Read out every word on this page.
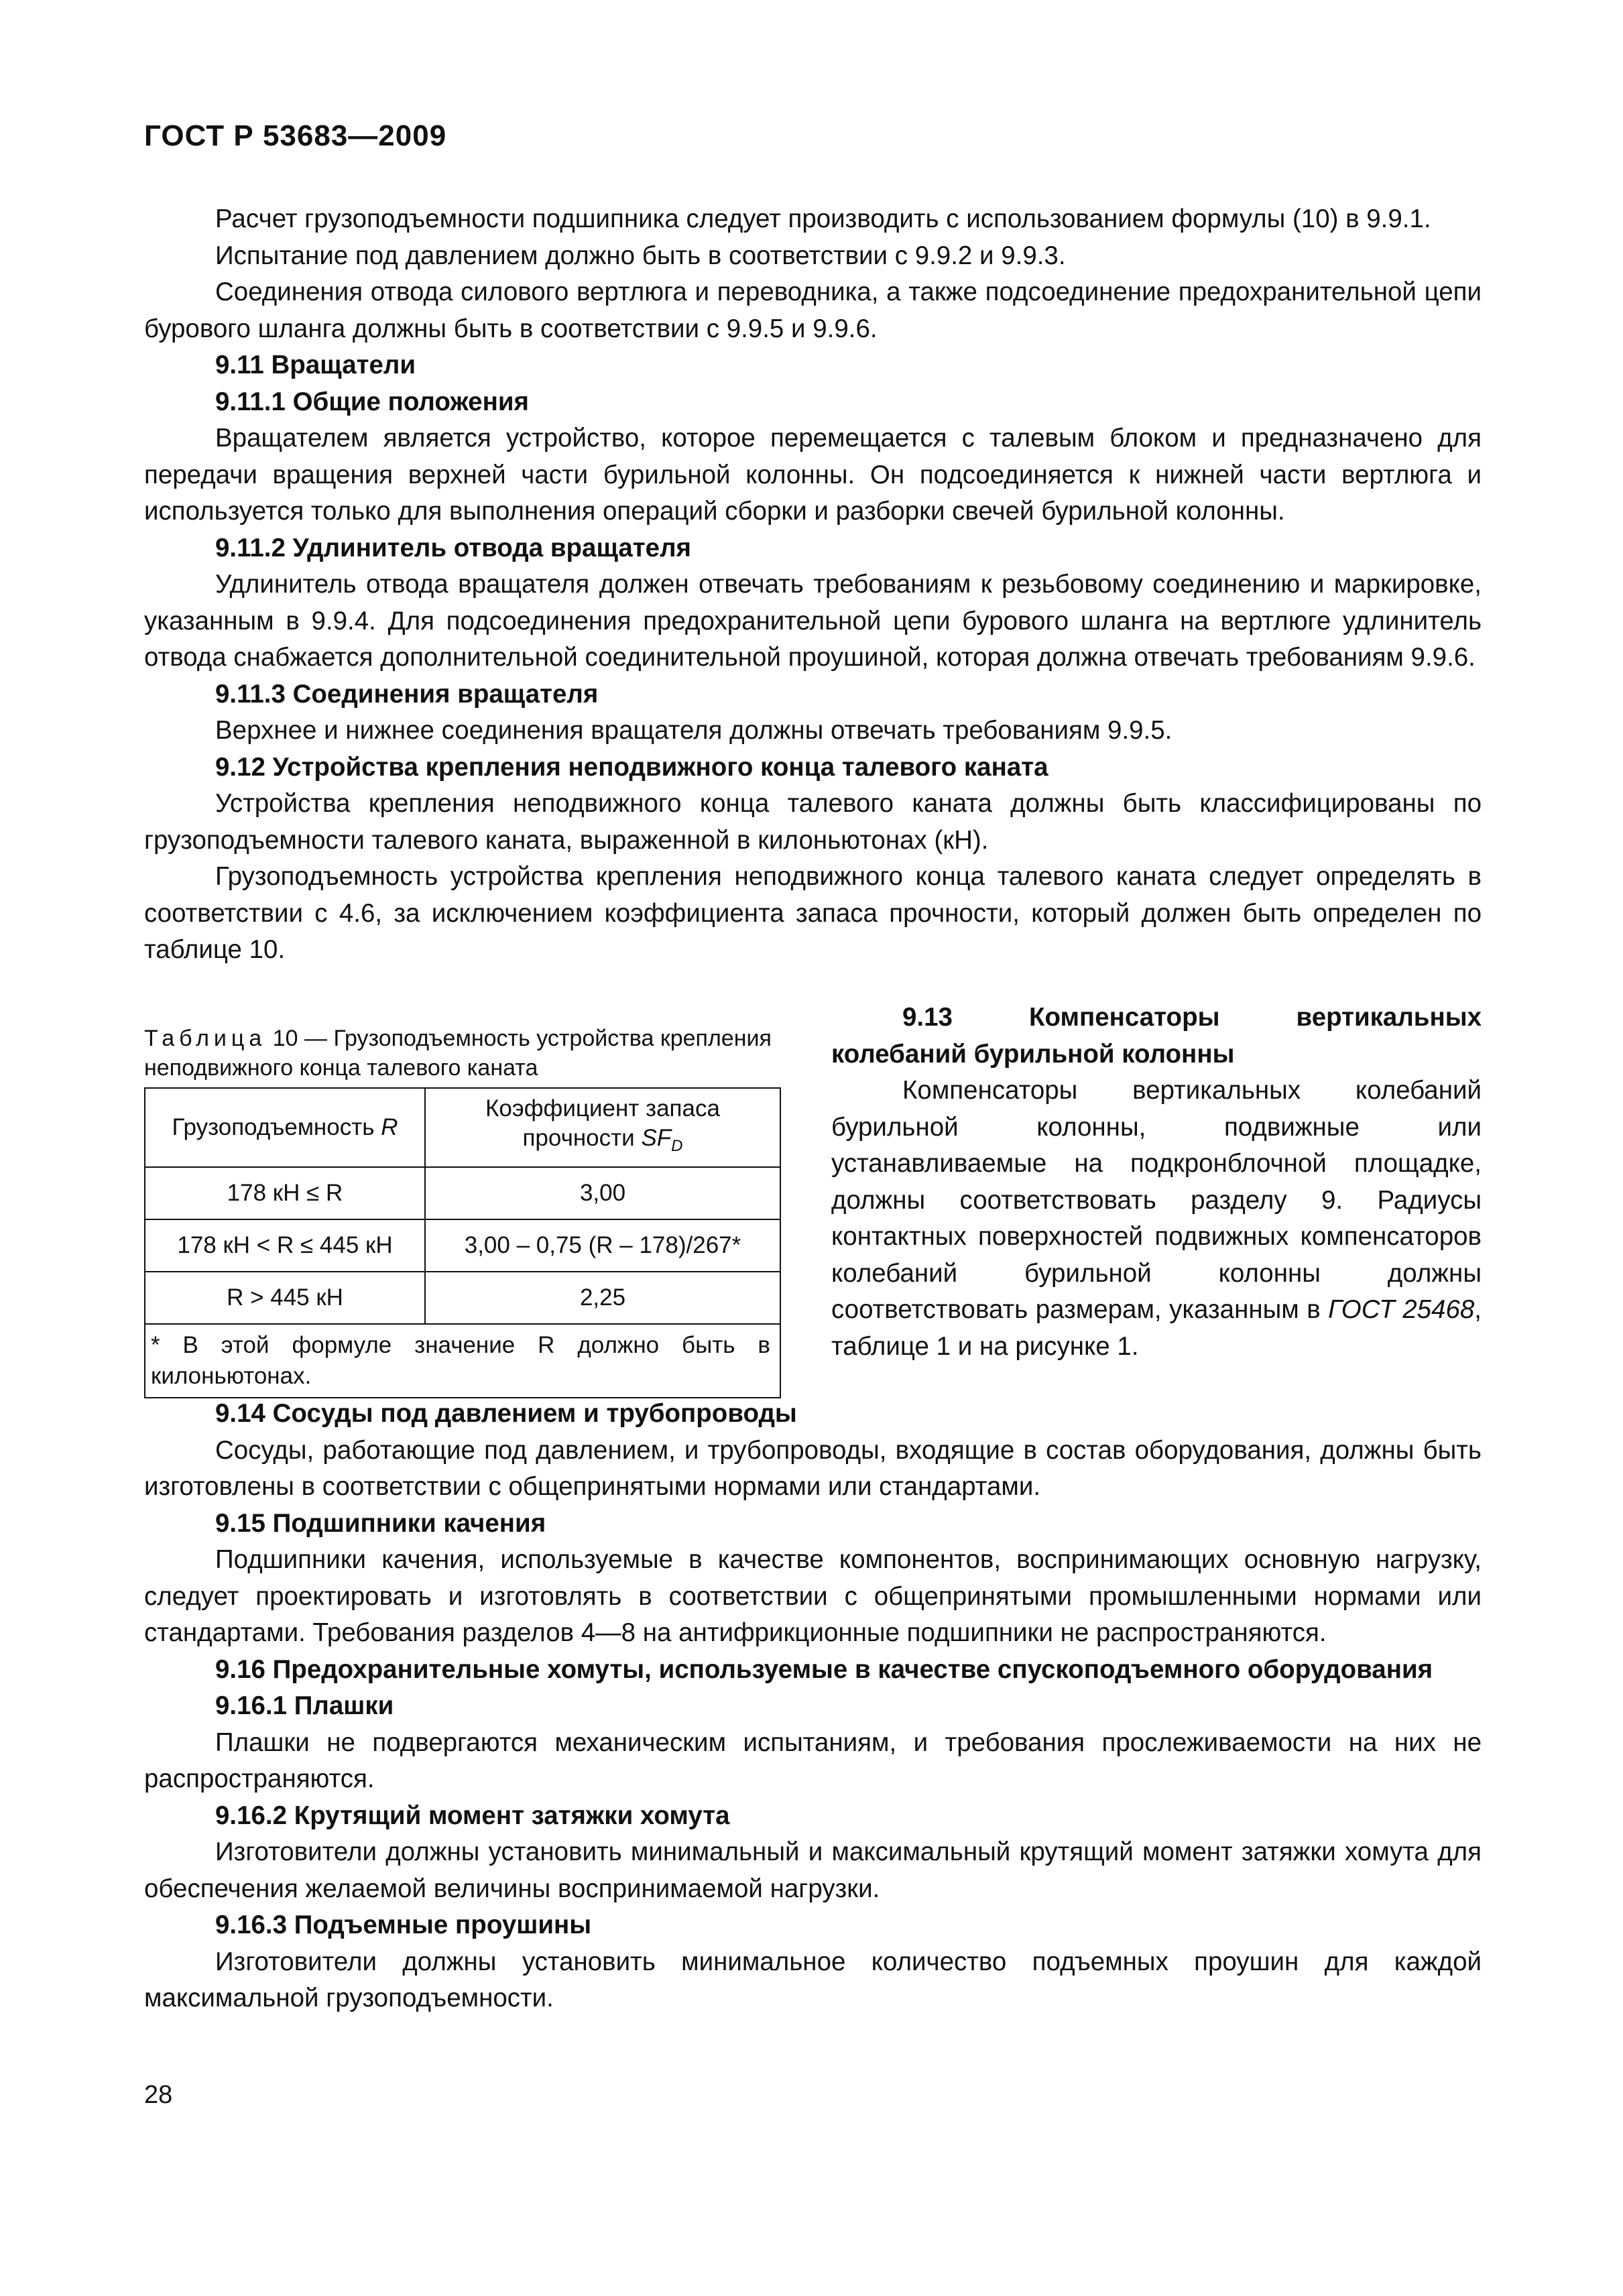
ГОСТ Р 53683—2009

Расчет грузоподъемности подшипника следует производить с использованием формулы (10) в 9.9.1.

Испытание под давлением должно быть в соответствии с 9.9.2 и 9.9.3.

Соединения отвода силового вертлюга и переводника, а также подсоединение предохранительной цепи бурового шланга должны быть в соответствии с 9.9.5 и 9.9.6.

9.11 Вращатели

9.11.1 Общие положения

Вращателем является устройство, которое перемещается с талевым блоком и предназначено для передачи вращения верхней части бурильной колонны. Он подсоединяется к нижней части вертлюга и используется только для выполнения операций сборки и разборки свечей бурильной колонны.

9.11.2 Удлинитель отвода вращателя

Удлинитель отвода вращателя должен отвечать требованиям к резьбовому соединению и маркировке, указанным в 9.9.4. Для подсоединения предохранительной цепи бурового шланга на вертлюге удлинитель отвода снабжается дополнительной соединительной проушиной, которая должна отвечать требованиям 9.9.6.

9.11.3 Соединения вращателя

Верхнее и нижнее соединения вращателя должны отвечать требованиям 9.9.5.

9.12 Устройства крепления неподвижного конца талевого каната

Устройства крепления неподвижного конца талевого каната должны быть классифицированы по грузоподъемности талевого каната, выраженной в килоньютонах (кН).

Грузоподъемность устройства крепления неподвижного конца талевого каната следует определять в соответствии с 4.6, за исключением коэффициента запаса прочности, который должен быть определен по таблице 10.

Таблица 10 — Грузоподъемность устройства крепления неподвижного конца талевого каната
Грузоподъемность R	Коэффициент запаса прочности $SF_D$
178 кН ≤ R	3,00
178 кН < R ≤ 445 кН	3,00 – 0,75 (R – 178)/267*
R > 445 кН	2,25
* В этой формуле значение R должно быть в килоньютонах.	

9.13 Компенсаторы вертикальных колебаний бурильной колонны

Компенсаторы вертикальных колебаний бурильной колонны, подвижные или устанавливаемые на подкронблочной площадке, должны соответствовать разделу 9. Радиусы контактных поверхностей подвижных компенсаторов колебаний бурильной колонны должны соответствовать размерам, указанным в ГОСТ 25468, таблице 1 и на рисунке 1.

9.14 Сосуды под давлением и трубопроводы

Сосуды, работающие под давлением, и трубопроводы, входящие в состав оборудования, должны быть изготовлены в соответствии с общепринятыми нормами или стандартами.

9.15 Подшипники качения

Подшипники качения, используемые в качестве компонентов, воспринимающих основную нагрузку, следует проектировать и изготовлять в соответствии с общепринятыми промышленными нормами или стандартами. Требования разделов 4—8 на антифрикционные подшипники не распространяются.

9.16 Предохранительные хомуты, используемые в качестве спускоподъемного оборудования

9.16.1 Плашки

Плашки не подвергаются механическим испытаниям, и требования прослеживаемости на них не распространяются.

9.16.2 Крутящий момент затяжки хомута

Изготовители должны установить минимальный и максимальный крутящий момент затяжки хомута для обеспечения желаемой величины воспринимаемой нагрузки.

9.16.3 Подъемные проушины

Изготовители должны установить минимальное количество подъемных проушин для каждой максимальной грузоподъемности.

28
